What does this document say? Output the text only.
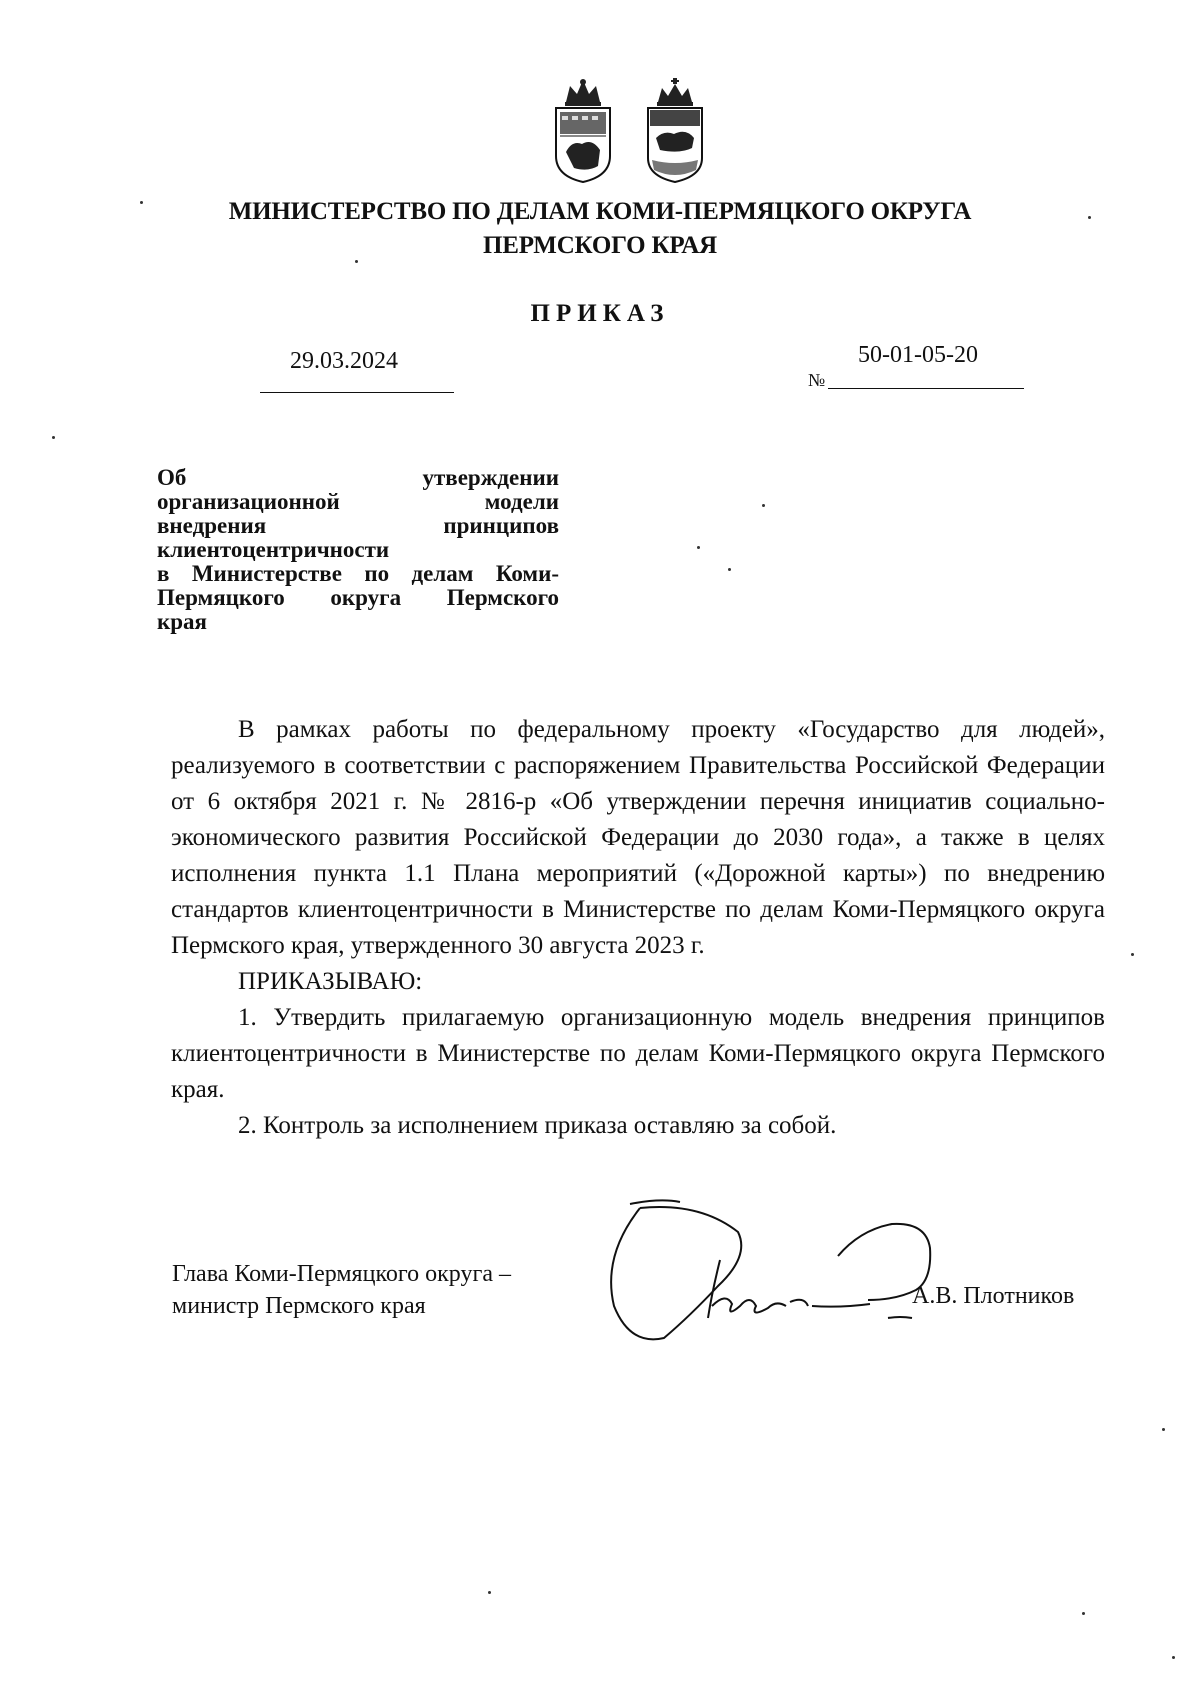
МИНИСТЕРСТВО ПО ДЕЛАМ КОМИ-ПЕРМЯЦКОГО ОКРУГА
ПЕРМСКОГО КРАЯ
ПРИКАЗ
29.03.2024	50-01-05-20
№
Об утверждении
организационной модели
внедрения принципов
клиентоцентричности
в Министерстве по делам Коми-
Пермяцкого округа Пермского
края
В рамках работы по федеральному проекту «Государство для людей», реализуемого в соответствии с распоряжением Правительства Российской Федерации от 6 октября 2021 г. № 2816-р «Об утверждении перечня инициатив социально-экономического развития Российской Федерации до 2030 года», а также в целях исполнения пункта 1.1 Плана мероприятий («Дорожной карты») по внедрению стандартов клиентоцентричности в Министерстве по делам Коми-Пермяцкого округа Пермского края, утвержденного 30 августа 2023 г.
ПРИКАЗЫВАЮ:
1. Утвердить прилагаемую организационную модель внедрения принципов клиентоцентричности в Министерстве по делам Коми-Пермяцкого округа Пермского края.
2. Контроль за исполнением приказа оставляю за собой.
Глава Коми-Пермяцкого округа –
министр Пермского края	А.В. Плотников
